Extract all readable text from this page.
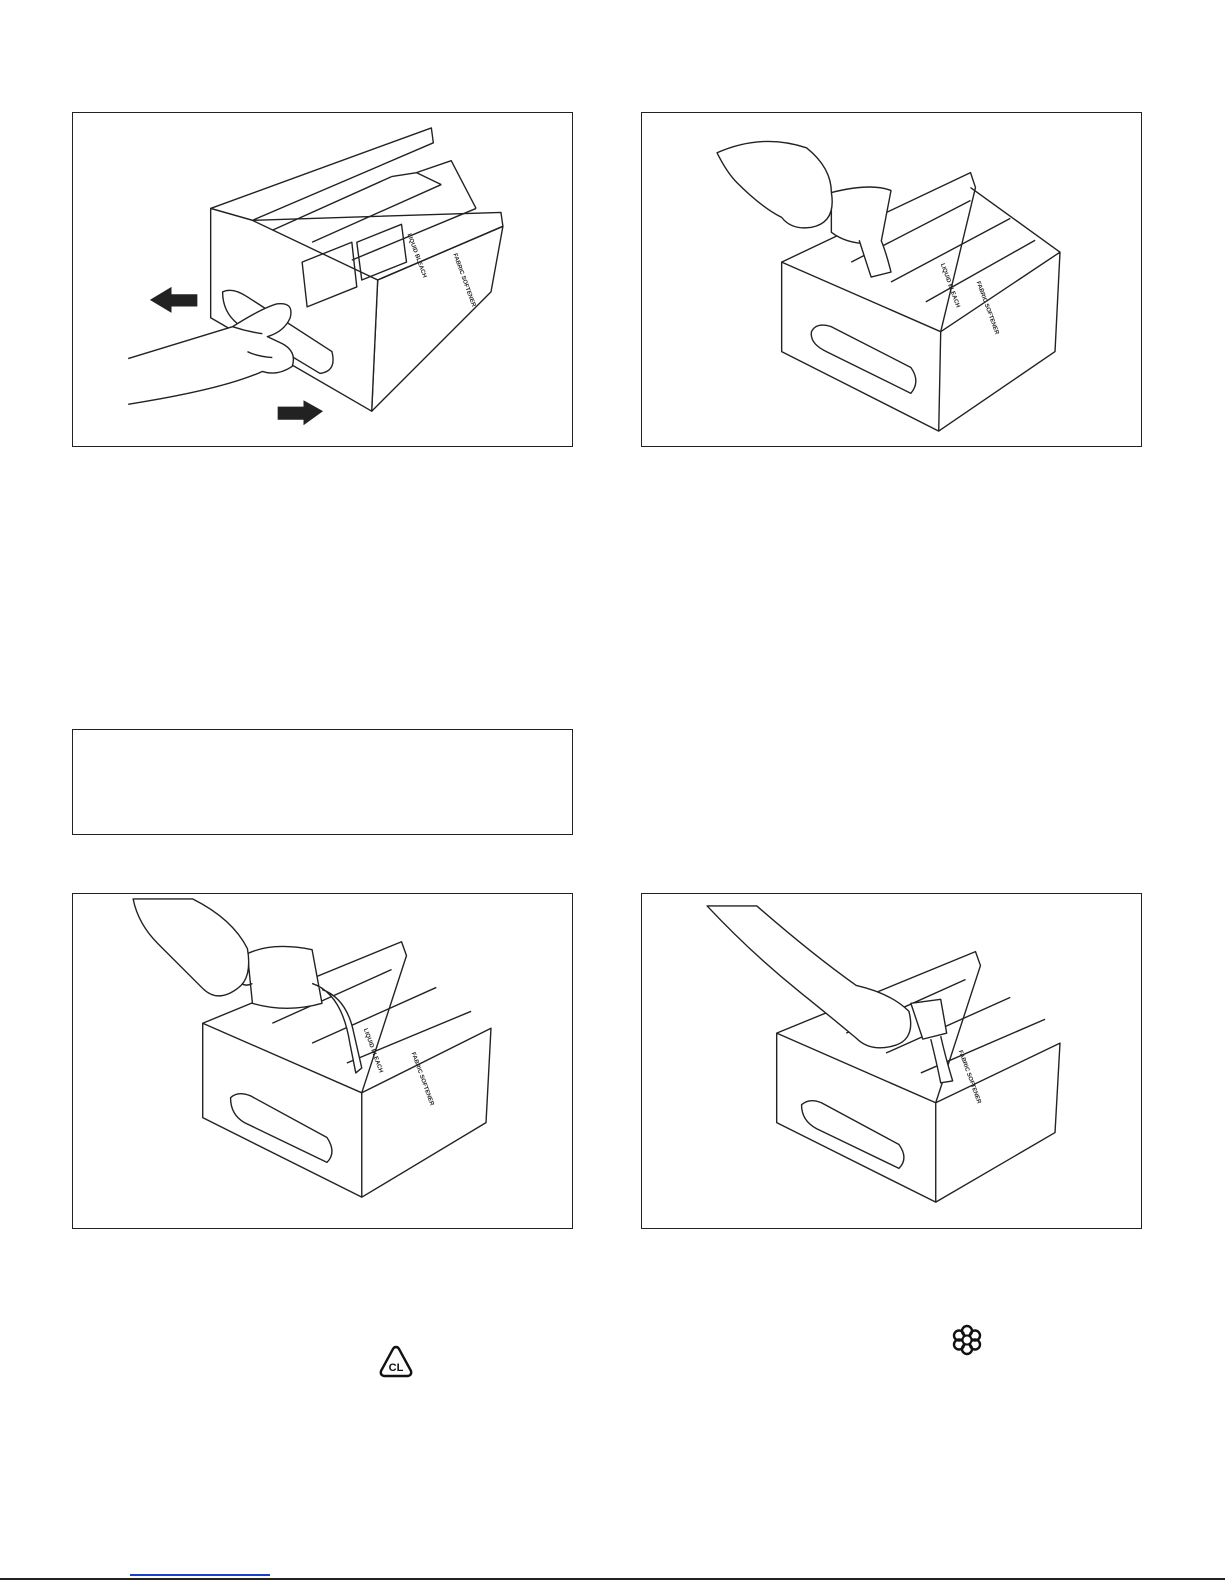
LIQUID BLEACH	FABRIC SOFTENER	LIQUID BLEACH FABRIC SOFTENER
LIQUID BLEACH
FABRIC SOFTENER	FABRIC SOFTENER
CL
